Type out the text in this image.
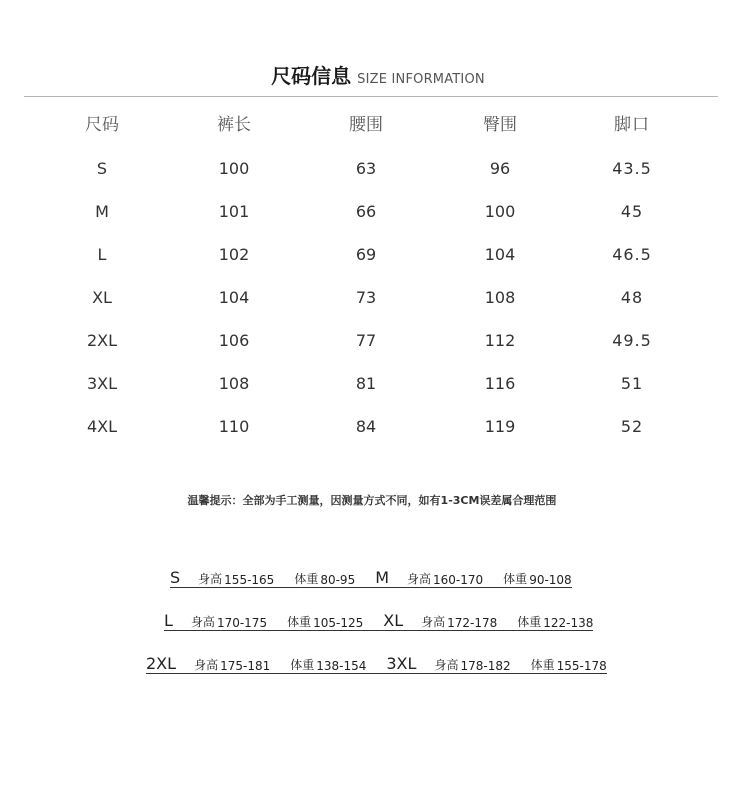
尺码信息 SIZE INFORMATION
尺码	裤长	腰围	臀围	脚口
S	100	63	96	43.5
M	101	66	100	45
L	102	69	104	46.5
XL	104	73	108	48
2XL	106	77	112	49.5
3XL	108	81	116	51
4XL	110	84	119	52
温馨提示：全部为手工测量，因测量方式不同，如有1-3CM误差属合理范围
S 身高 155-165 体重 80-95 M 身高 160-170 体重 90-108
L 身高 170-175 体重 105-125 XL 身高 172-178 体重 122-138
2XL 身高 175-181 体重 138-154 3XL 身高 178-182 体重 155-178
